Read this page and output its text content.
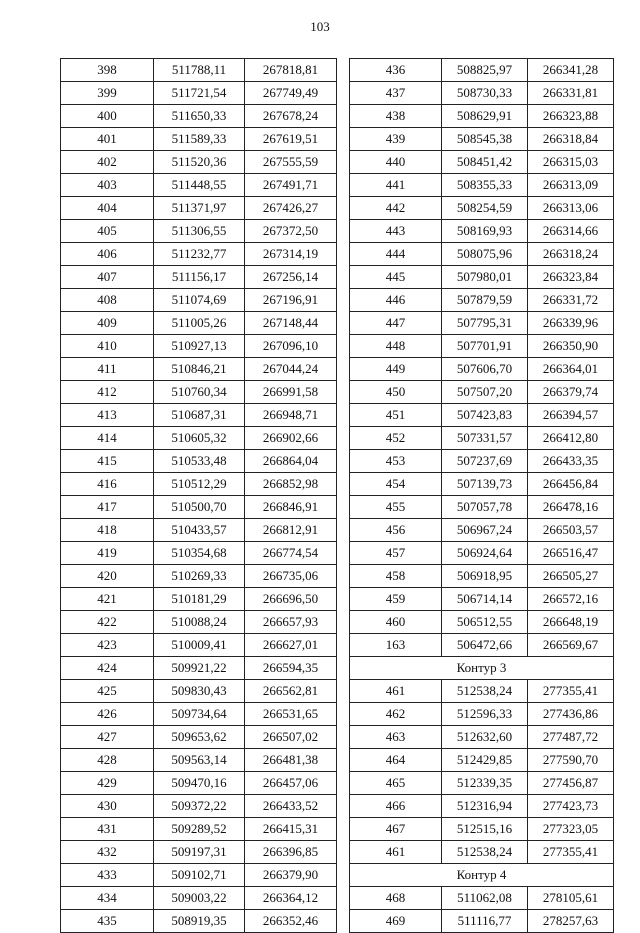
103
398	511788,11	267818,81
399	511721,54	267749,49
400	511650,33	267678,24
401	511589,33	267619,51
402	511520,36	267555,59
403	511448,55	267491,71
404	511371,97	267426,27
405	511306,55	267372,50
406	511232,77	267314,19
407	511156,17	267256,14
408	511074,69	267196,91
409	511005,26	267148,44
410	510927,13	267096,10
411	510846,21	267044,24
412	510760,34	266991,58
413	510687,31	266948,71
414	510605,32	266902,66
415	510533,48	266864,04
416	510512,29	266852,98
417	510500,70	266846,91
418	510433,57	266812,91
419	510354,68	266774,54
420	510269,33	266735,06
421	510181,29	266696,50
422	510088,24	266657,93
423	510009,41	266627,01
424	509921,22	266594,35
425	509830,43	266562,81
426	509734,64	266531,65
427	509653,62	266507,02
428	509563,14	266481,38
429	509470,16	266457,06
430	509372,22	266433,52
431	509289,52	266415,31
432	509197,31	266396,85
433	509102,71	266379,90
434	509003,22	266364,12
435	508919,35	266352,46
436	508825,97	266341,28
437	508730,33	266331,81
438	508629,91	266323,88
439	508545,38	266318,84
440	508451,42	266315,03
441	508355,33	266313,09
442	508254,59	266313,06
443	508169,93	266314,66
444	508075,96	266318,24
445	507980,01	266323,84
446	507879,59	266331,72
447	507795,31	266339,96
448	507701,91	266350,90
449	507606,70	266364,01
450	507507,20	266379,74
451	507423,83	266394,57
452	507331,57	266412,80
453	507237,69	266433,35
454	507139,73	266456,84
455	507057,78	266478,16
456	506967,24	266503,57
457	506924,64	266516,47
458	506918,95	266505,27
459	506714,14	266572,16
460	506512,55	266648,19
163	506472,66	266569,67
Контур 3		
461	512538,24	277355,41
462	512596,33	277436,86
463	512632,60	277487,72
464	512429,85	277590,70
465	512339,35	277456,87
466	512316,94	277423,73
467	512515,16	277323,05
461	512538,24	277355,41
Контур 4		
468	511062,08	278105,61
469	511116,77	278257,63
